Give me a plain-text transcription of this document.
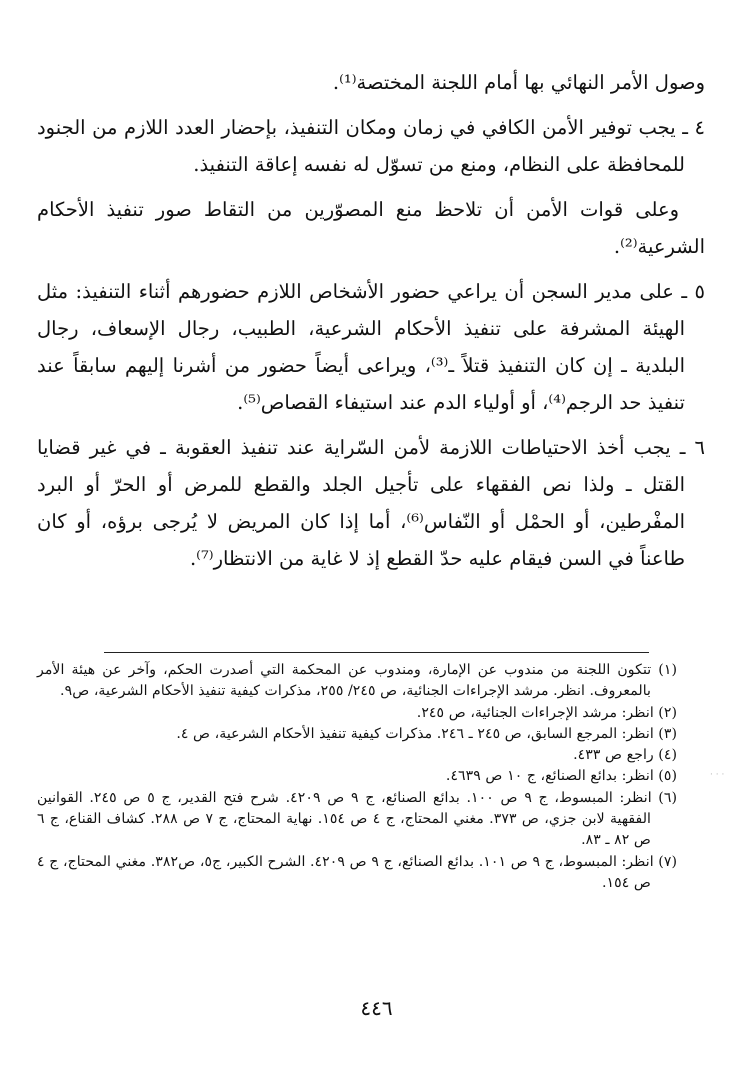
وصول الأمر النهائي بها أمام اللجنة المختصة⁽¹⁾.

٤ ـ يجب توفير الأمن الكافي في زمان ومكان التنفيذ، بإحضار العدد اللازم من الجنود للمحافظة على النظام، ومنع من تسوّل له نفسه إعاقة التنفيذ.

وعلى قوات الأمن أن تلاحظ منع المصوّرين من التقاط صور تنفيذ الأحكام الشرعية⁽²⁾.

٥ ـ على مدير السجن أن يراعي حضور الأشخاص اللازم حضورهم أثناء التنفيذ: مثل الهيئة المشرفة على تنفيذ الأحكام الشرعية، الطبيب، رجال الإسعاف، رجال البلدية ـ إن كان التنفيذ قتلاً ـ⁽³⁾، ويراعى أيضاً حضور من أشرنا إليهم سابقاً عند تنفيذ حد الرجم⁽⁴⁾، أو أولياء الدم عند استيفاء القصاص⁽⁵⁾.

٦ ـ يجب أخذ الاحتياطات اللازمة لأمن السّراية عند تنفيذ العقوبة ـ في غير قضايا القتل ـ ولذا نص الفقهاء على تأجيل الجلد والقطع للمرض أو الحرّ أو البرد المفْرطين، أو الحمْل أو النّفاس⁽⁶⁾، أما إذا كان المريض لا يُرجى برؤه، أو كان طاعناً في السن فيقام عليه حدّ القطع إذ لا غاية من الانتظار⁽⁷⁾.

(١) تتكون اللجنة من مندوب عن الإمارة، ومندوب عن المحكمة التي أصدرت الحكم، وآخر عن هيئة الأمر بالمعروف. انظر. مرشد الإجراءات الجنائية، ص ٢٤٥/ ٢٥٥، مذكرات كيفية تنفيذ الأحكام الشرعية، ص٩.

(٢) انظر: مرشد الإجراءات الجنائية، ص ٢٤٥.

(٣) انظر: المرجع السابق، ص ٢٤٥ ـ ٢٤٦. مذكرات كيفية تنفيذ الأحكام الشرعية، ص ٤.

(٤) راجع ص ٤٣٣.

(٥) انظر: بدائع الصنائع، ج ١٠ ص ٤٦٣٩.

(٦) انظر: المبسوط، ج ٩ ص ١٠٠. بدائع الصنائع، ج ٩ ص ٤٢٠٩. شرح فتح القدير، ج ٥ ص ٢٤٥. القوانين الفقهية لابن جزي، ص ٣٧٣. مغني المحتاج، ج ٤ ص ١٥٤. نهاية المحتاج، ج ٧ ص ٢٨٨. كشاف القناع، ج ٦ ص ٨٢ ـ ٨٣.

(٧) انظر: المبسوط، ج ٩ ص ١٠١. بدائع الصنائع، ج ٩ ص ٤٢٠٩. الشرح الكبير، ج٥، ص٣٨٢. مغني المحتاج، ج ٤ ص ١٥٤.

٤٤٦
· · ·
